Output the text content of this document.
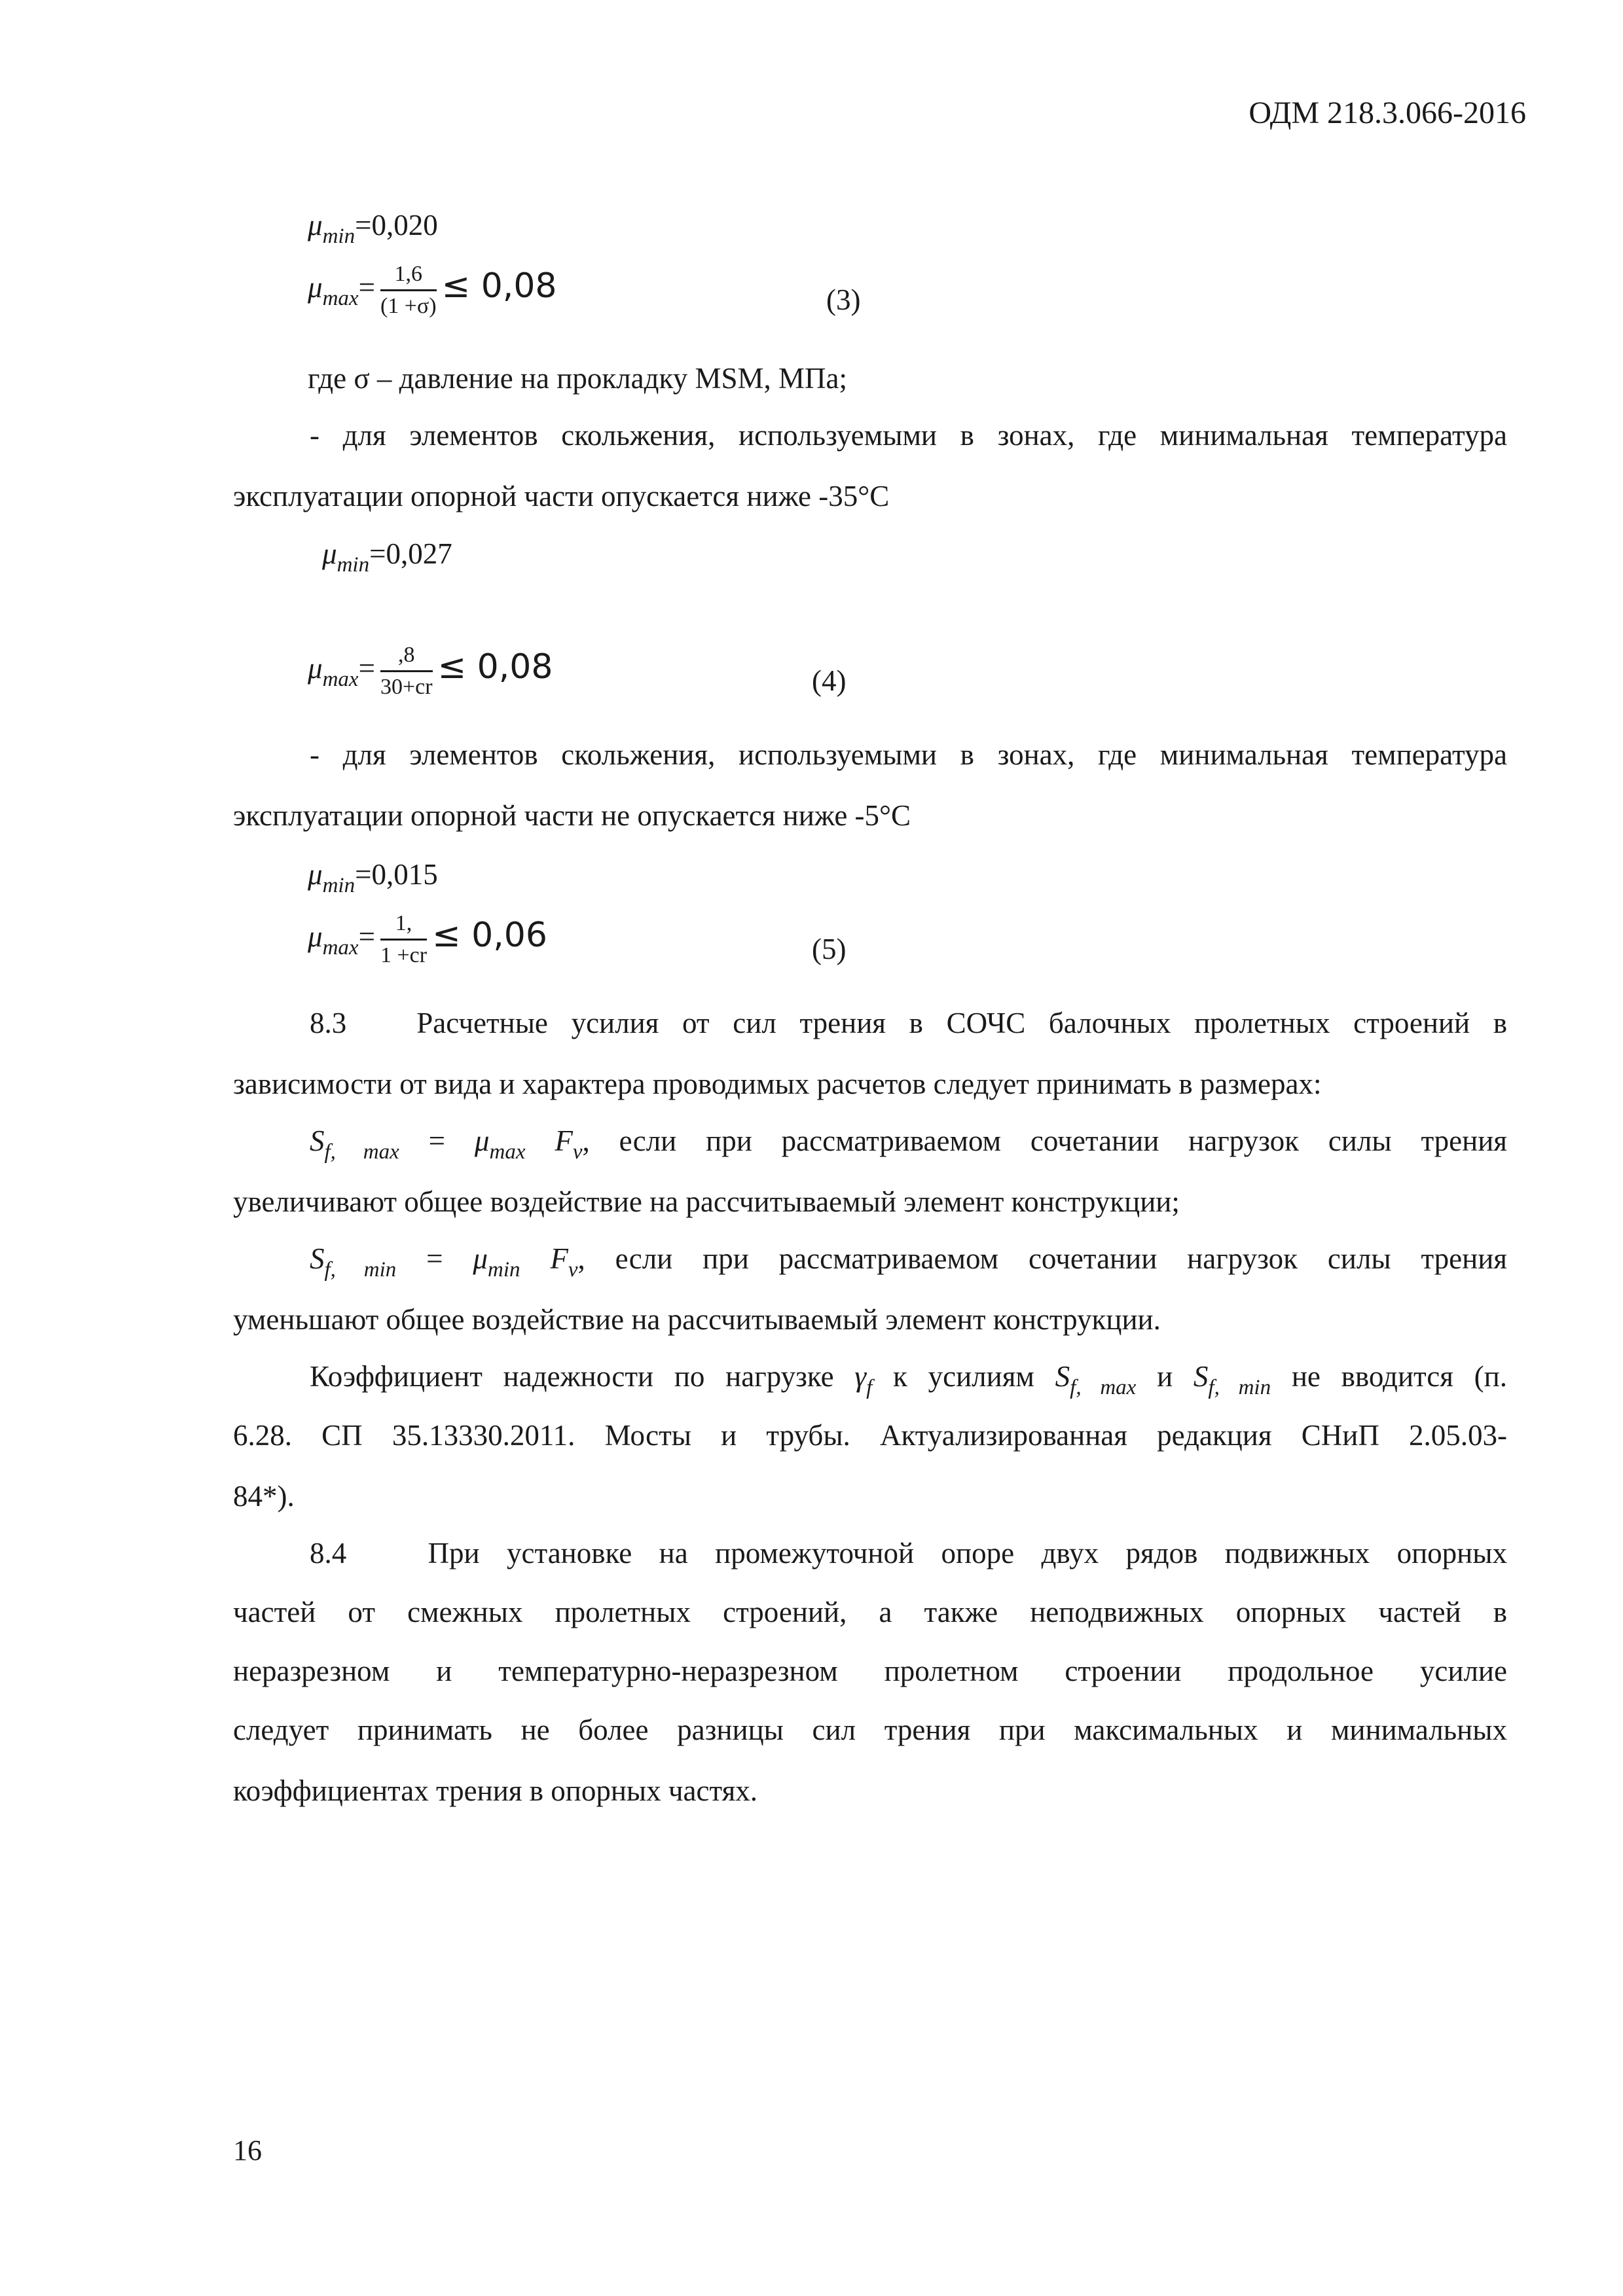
ОДМ 218.3.066-2016
$\mu_{min}=0,020$
$\mu_{max}= \frac{1,6}{(1 +\sigma)} \le 0,08$	(3)
где σ – давление на прокладку MSM, МПа;
- для элементов скольжения, используемыми в зонах, где минимальная температура
эксплуатации опорной части опускается ниже -35°С
$\mu_{min}=0,027$
$\mu_{max}= \frac{,8}{30+cr} \le 0,08$	(4)
- для элементов скольжения, используемыми в зонах, где минимальная температура
эксплуатации опорной части не опускается ниже -5°С
$\mu_{min}=0,015$
$\mu_{max}= \frac{1,}{1 +cr} \le 0,06$	(5)
8.3 Расчетные усилия от сил трения в СОЧС балочных пролетных строений в
зависимости от вида и характера проводимых расчетов следует принимать в размерах:
$S_{f, max} = \mu_{max}$ $F_v$, если при рассматриваемом сочетании нагрузок силы трения
увеличивают общее воздействие на рассчитываемый элемент конструкции;
$S_{f, min} = \mu_{min}$ $F_v$, если при рассматриваемом сочетании нагрузок силы трения
уменьшают общее воздействие на рассчитываемый элемент конструкции.
Коэффициент надежности по нагрузке $\gamma_f$ к усилиям $S_{f, max}$ и $S_{f, min}$ не вводится (п.
6.28. СП 35.13330.2011. Мосты и трубы. Актуализированная редакция СНиП 2.05.03-
84*).
8.4	При установке на промежуточной опоре двух рядов подвижных опорных
частей от смежных пролетных строений, а также неподвижных опорных частей в
неразрезном и температурно-неразрезном пролетном строении продольное усилие
следует принимать не более разницы сил трения при максимальных и минимальных
коэффициентах трения в опорных частях.
16
